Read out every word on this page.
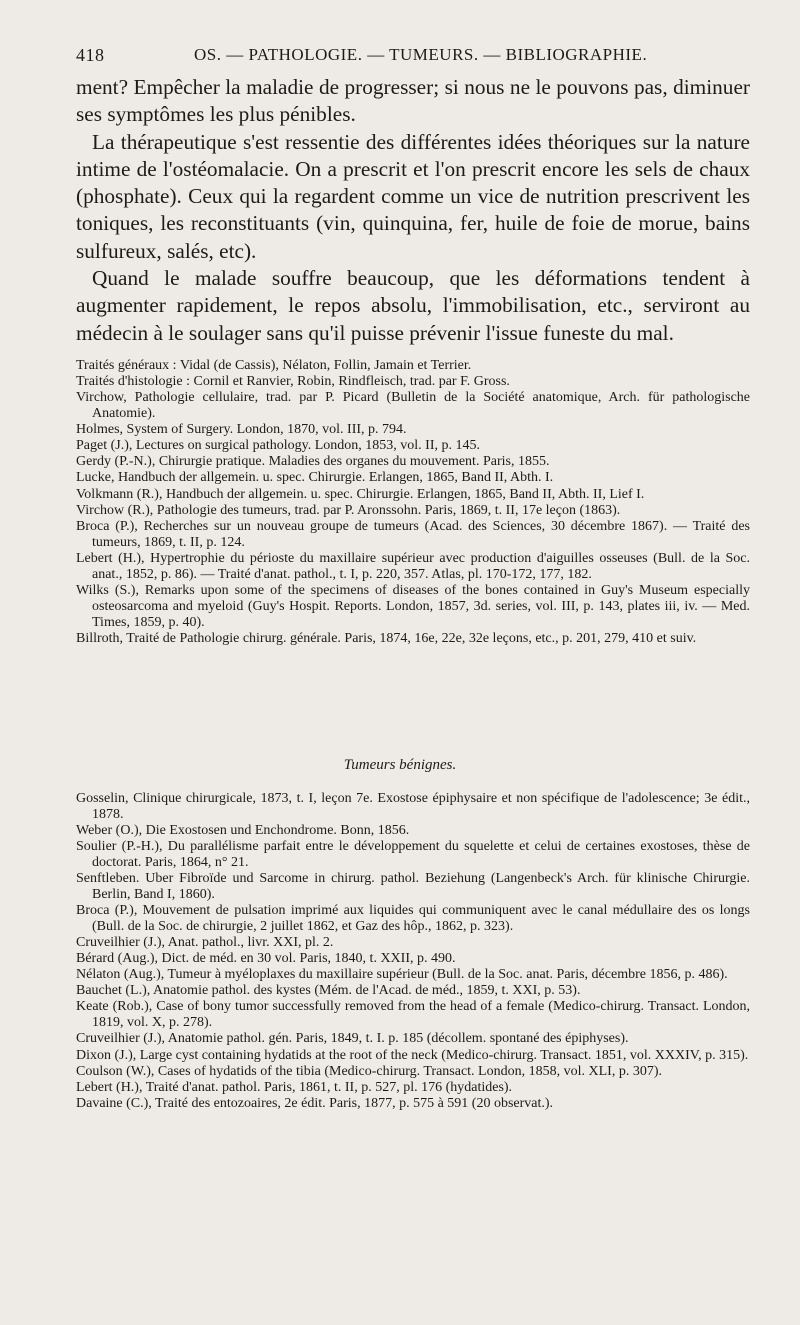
418	OS. — PATHOLOGIE. — TUMEURS. — BIBLIOGRAPHIE.

ment? Empêcher la maladie de progresser; si nous ne le pouvons pas, diminuer ses symptômes les plus pénibles.

La thérapeutique s'est ressentie des différentes idées théoriques sur la nature intime de l'ostéomalacie. On a prescrit et l'on prescrit encore les sels de chaux (phosphate). Ceux qui la regardent comme un vice de nutrition prescrivent les toniques, les reconstituants (vin, quinquina, fer, huile de foie de morue, bains sulfureux, salés, etc).

Quand le malade souffre beaucoup, que les déformations tendent à augmenter rapidement, le repos absolu, l'immobilisation, etc., serviront au médecin à le soulager sans qu'il puisse prévenir l'issue funeste du mal.

Traités généraux : Vidal (de Cassis), Nélaton, Follin, Jamain et Terrier.

Traités d'histologie : Cornil et Ranvier, Robin, Rindfleisch, trad. par F. Gross.

Virchow, Pathologie cellulaire, trad. par P. Picard (Bulletin de la Société anatomique, Arch. für pathologische Anatomie).

Holmes, System of Surgery. London, 1870, vol. III, p. 794.

Paget (J.), Lectures on surgical pathology. London, 1853, vol. II, p. 145.

Gerdy (P.-N.), Chirurgie pratique. Maladies des organes du mouvement. Paris, 1855.

Lucke, Handbuch der allgemein. u. spec. Chirurgie. Erlangen, 1865, Band II, Abth. I.

Volkmann (R.), Handbuch der allgemein. u. spec. Chirurgie. Erlangen, 1865, Band II, Abth. II, Lief I.

Virchow (R.), Pathologie des tumeurs, trad. par P. Aronssohn. Paris, 1869, t. II, 17e leçon (1863).

Broca (P.), Recherches sur un nouveau groupe de tumeurs (Acad. des Sciences, 30 décembre 1867). — Traité des tumeurs, 1869, t. II, p. 124.

Lebert (H.), Hypertrophie du périoste du maxillaire supérieur avec production d'aiguilles osseuses (Bull. de la Soc. anat., 1852, p. 86). — Traité d'anat. pathol., t. I, p. 220, 357. Atlas, pl. 170-172, 177, 182.

Wilks (S.), Remarks upon some of the specimens of diseases of the bones contained in Guy's Museum especially osteosarcoma and myeloid (Guy's Hospit. Reports. London, 1857, 3d. series, vol. III, p. 143, plates iii, iv. — Med. Times, 1859, p. 40).

Billroth, Traité de Pathologie chirurg. générale. Paris, 1874, 16e, 22e, 32e leçons, etc., p. 201, 279, 410 et suiv.

Tumeurs bénignes.

Gosselin, Clinique chirurgicale, 1873, t. I, leçon 7e. Exostose épiphysaire et non spécifique de l'adolescence; 3e édit., 1878.

Weber (O.), Die Exostosen und Enchondrome. Bonn, 1856.

Soulier (P.-H.), Du parallélisme parfait entre le développement du squelette et celui de certaines exostoses, thèse de doctorat. Paris, 1864, n° 21.

Senftleben. Uber Fibroïde und Sarcome in chirurg. pathol. Beziehung (Langenbeck's Arch. für klinische Chirurgie. Berlin, Band I, 1860).

Broca (P.), Mouvement de pulsation imprimé aux liquides qui communiquent avec le canal médullaire des os longs (Bull. de la Soc. de chirurgie, 2 juillet 1862, et Gaz des hôp., 1862, p. 323).

Cruveilhier (J.), Anat. pathol., livr. XXI, pl. 2.

Bérard (Aug.), Dict. de méd. en 30 vol. Paris, 1840, t. XXII, p. 490.

Nélaton (Aug.), Tumeur à myéloplaxes du maxillaire supérieur (Bull. de la Soc. anat. Paris, décembre 1856, p. 486).

Bauchet (L.), Anatomie pathol. des kystes (Mém. de l'Acad. de méd., 1859, t. XXI, p. 53).

Keate (Rob.), Case of bony tumor successfully removed from the head of a female (Medico-chirurg. Transact. London, 1819, vol. X, p. 278).

Cruveilhier (J.), Anatomie pathol. gén. Paris, 1849, t. I. p. 185 (décollem. spontané des épiphyses).

Dixon (J.), Large cyst containing hydatids at the root of the neck (Medico-chirurg. Transact. 1851, vol. XXXIV, p. 315).

Coulson (W.), Cases of hydatids of the tibia (Medico-chirurg. Transact. London, 1858, vol. XLI, p. 307).

Lebert (H.), Traité d'anat. pathol. Paris, 1861, t. II, p. 527, pl. 176 (hydatides).

Davaine (C.), Traité des entozoaires, 2e édit. Paris, 1877, p. 575 à 591 (20 observat.).
